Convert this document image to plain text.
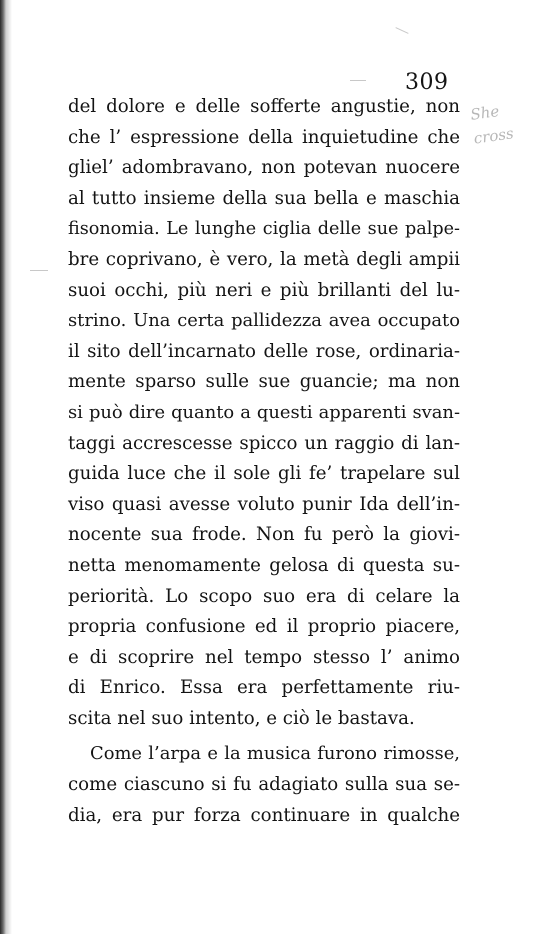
309
del dolore e delle sofferte angustie, non
che l’ espressione della inquietudine che
gliel’ adombravano, non potevan nuocere
al tutto insieme della sua bella e maschia
fisonomia. Le lunghe ciglia delle sue palpe-
bre coprivano, è vero, la metà degli ampii
suoi occhi, più neri e più brillanti del lu-
strino. Una certa pallidezza avea occupato
il sito dell’incarnato delle rose, ordinaria-
mente sparso sulle sue guancie; ma non
si può dire quanto a questi apparenti svan-
taggi accrescesse spicco un raggio di lan-
guida luce che il sole gli fe’ trapelare sul
viso quasi avesse voluto punir Ida dell’in-
nocente sua frode. Non fu però la giovi-
netta menomamente gelosa di questa su-
periorità. Lo scopo suo era di celare la
propria confusione ed il proprio piacere,
e di scoprire nel tempo stesso l’ animo
di Enrico. Essa era perfettamente riu-
scita nel suo intento, e ciò le bastava.
Come l’arpa e la musica furono rimosse,
come ciascuno si fu adagiato sulla sua se-
dia, era pur forza continuare in qualche
She
cross
